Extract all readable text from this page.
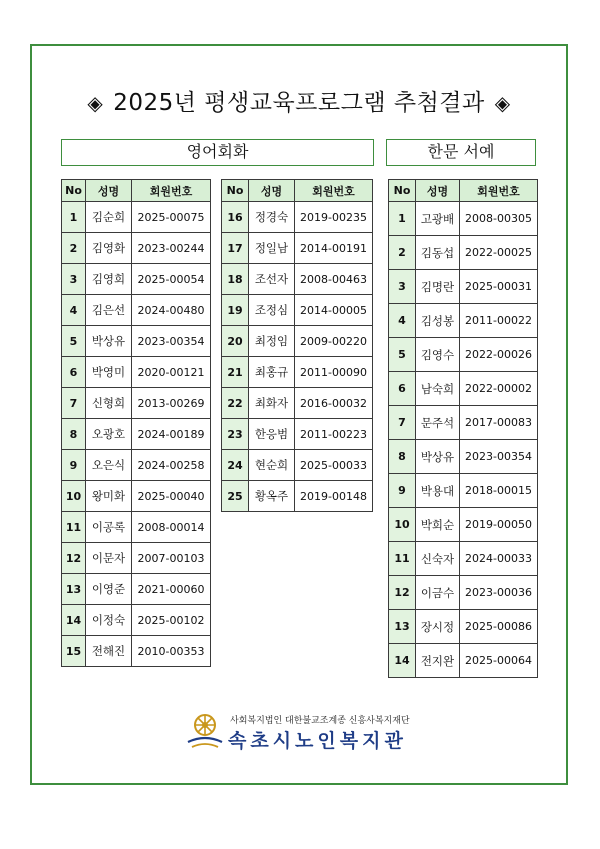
◈ 2025년 평생교육프로그램 추첨결과 ◈
영어회화	한문 서예
No	성명	회원번호
1	김순희	2025-00075
2	김영화	2023-00244
3	김영희	2025-00054
4	김은선	2024-00480
5	박상유	2023-00354
6	박영미	2020-00121
7	신형희	2013-00269
8	오광호	2024-00189
9	오은식	2024-00258
10	왕미화	2025-00040
11	이공록	2008-00014
12	이문자	2007-00103
13	이영준	2021-00060
14	이정숙	2025-00102
15	전해진	2010-00353
No	성명	회원번호
16	정경숙	2019-00235
17	정일남	2014-00191
18	조선자	2008-00463
19	조정심	2014-00005
20	최정임	2009-00220
21	최홍규	2011-00090
22	최화자	2016-00032
23	한응범	2011-00223
24	현순희	2025-00033
25	황옥주	2019-00148
No	성명	회원번호
1	고광배	2008-00305
2	김동섭	2022-00025
3	김명란	2025-00031
4	김성봉	2011-00022
5	김영수	2022-00026
6	남숙희	2022-00002
7	문주석	2017-00083
8	박상유	2023-00354
9	박용대	2018-00015
10	박희순	2019-00050
11	신숙자	2024-00033
12	이금수	2023-00036
13	장시정	2025-00086
14	전지완	2025-00064
사회복지법인 대한불교조계종 신흥사복지재단
속초시노인복지관
